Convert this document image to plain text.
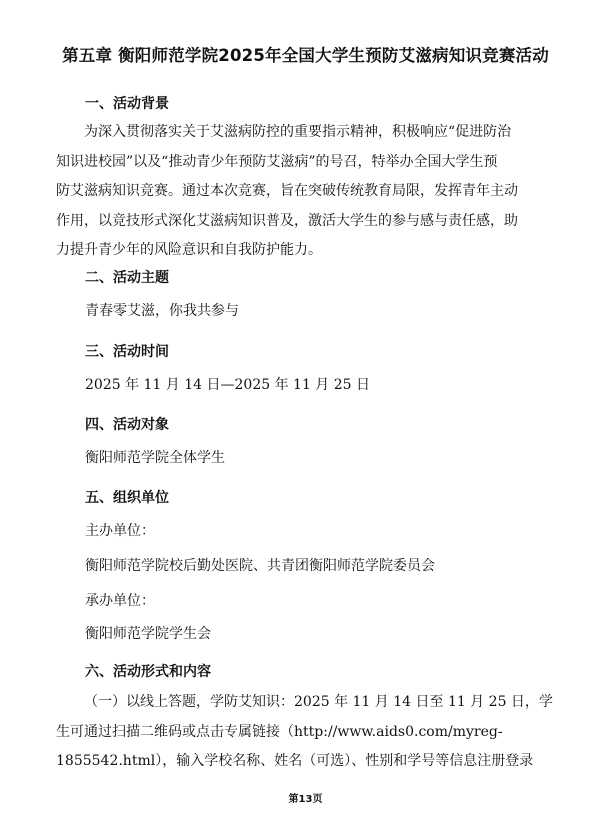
第五章 衡阳师范学院2025年全国大学生预防艾滋病知识竞赛活动
一、活动背景
为深入贯彻落实关于艾滋病防控的重要指示精神，积极响应“促进防治
知识进校园”以及“推动青少年预防艾滋病”的号召，特举办全国大学生预
防艾滋病知识竞赛。通过本次竞赛，旨在突破传统教育局限，发挥青年主动
作用，以竞技形式深化艾滋病知识普及，激活大学生的参与感与责任感，助
力提升青少年的风险意识和自我防护能力。
二、活动主题
青春零艾滋，你我共参与
三、活动时间
2025 年 11 月 14 日—2025 年 11 月 25 日
四、活动对象
衡阳师范学院全体学生
五、组织单位
主办单位：
衡阳师范学院校后勤处医院、共青团衡阳师范学院委员会
承办单位：
衡阳师范学院学生会
六、活动形式和内容
（一）以线上答题，学防艾知识：2025 年 11 月 14 日至 11 月 25 日，学
生可通过扫描二维码或点击专属链接（http://www.aids0.com/myreg-
1855542.html），输入学校名称、姓名（可选）、性别和学号等信息注册登录
第13页
